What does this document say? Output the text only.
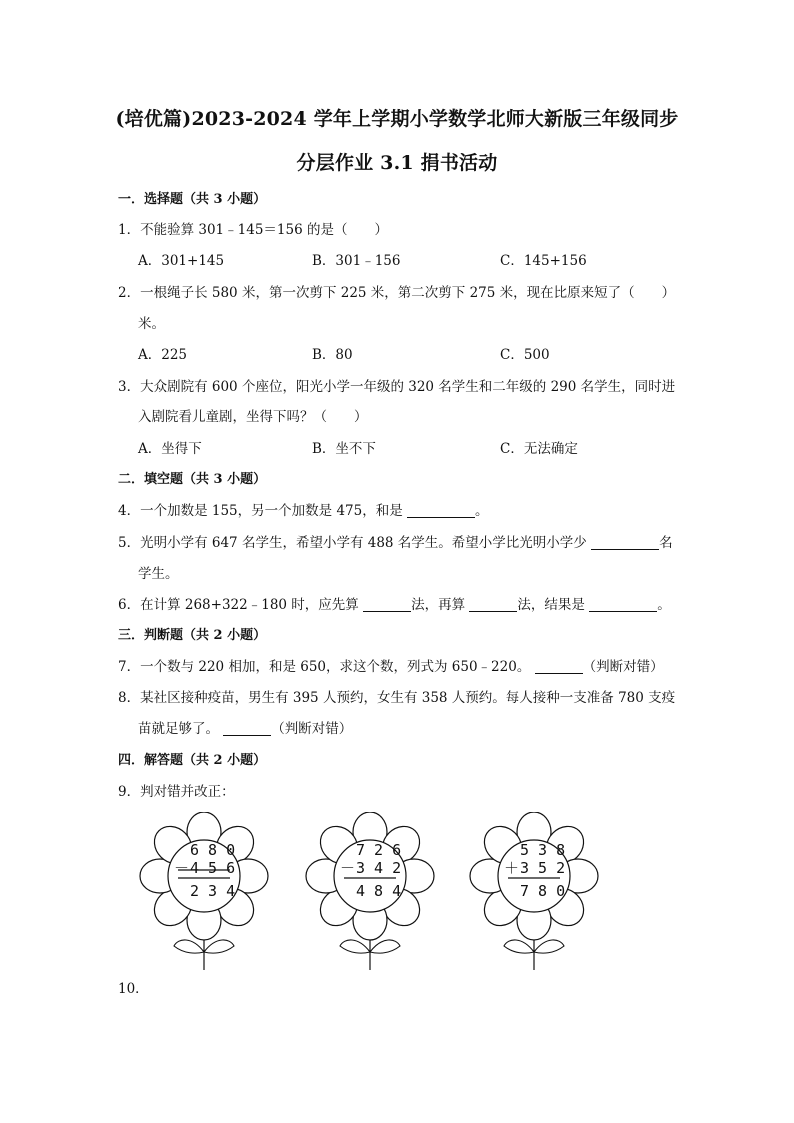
(培优篇)2023-2024 学年上学期小学数学北师大新版三年级同步
分层作业 3.1 捐书活动
一．选择题（共 3 小题）
1．不能验算 301﹣145＝156 的是（　　）
A．301+145	B．301﹣156	C．145+156
2．一根绳子长 580 米，第一次剪下 225 米，第二次剪下 275 米，现在比原来短了（　　）
米。
A．225	B．80	C．500
3．大众剧院有 600 个座位，阳光小学一年级的 320 名学生和二年级的 290 名学生，同时进
入剧院看儿童剧，坐得下吗？（　　）
A．坐得下	B．坐不下	C．无法确定
二．填空题（共 3 小题）
4．一个加数是 155，另一个加数是 475，和是	。
5．光明小学有 647 名学生，希望小学有 488 名学生。希望小学比光明小学少	名
学生。
6．在计算 268+322﹣180 时，应先算	法，再算	法，结果是	。
三．判断题（共 2 小题）
7．一个数与 220 相加，和是 650，求这个数，列式为 650﹣220。	（判断对错）
8．某社区接种疫苗，男生有 395 人预约，女生有 358 人预约。每人接种一支准备 780 支疫
苗就足够了。	（判断对错）
四．解答题（共 2 小题）
9．判对错并改正：
6 8 0
－ 4 5 6
2 3 4
7 2 6
－ 3 4 2
4 8 4
5 3 8
＋ 3 5 2
7 8 0
10．
